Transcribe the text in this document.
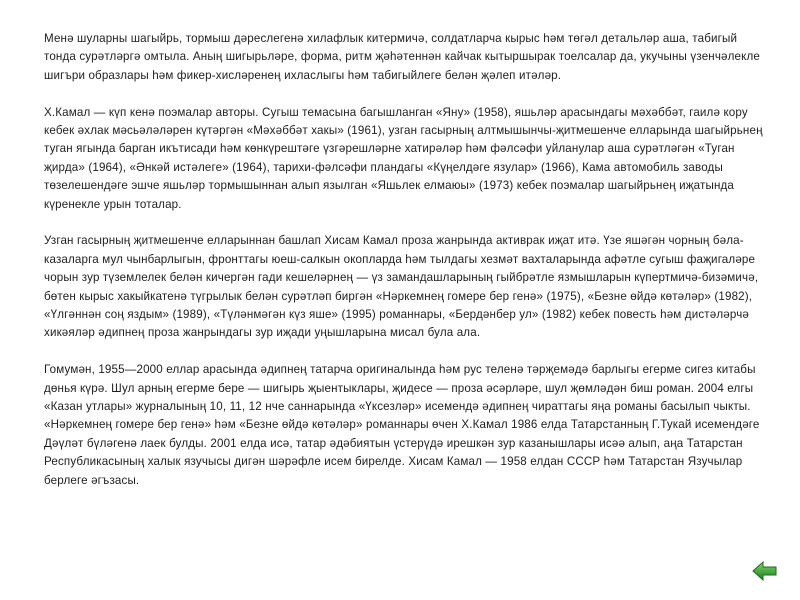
Менә шуларны шагыйрь, тормыш дәреслегенә хилафлык китермичә, солдатларча кырыс һәм төгәл детальләр аша, табигый тонда сурәтләргә омтыла. Аның шигырьләре, форма, ритм җәһәтеннән кайчак кытыршырак тоелсалар да, укучыны үзенчәлекле шигъри образлары һәм фикер-хисләренең ихласлыгы һәм табигыйлеге белән җәлеп итәләр.

Х.Камал — күп кенә поэмалар авторы. Сугыш темасына багышланган «Яну» (1958), яшьләр арасындагы мәхәббәт, гаилә кору кебек әхлак мәсьәләләрен күтәргән «Мәхәббәт хакы» (1961), узган гасырның алтмышынчы-җитмешенче елларында шагыйрьнең туган ягында барган икътисади һәм көнкүрештәге үзгәрешләрне хатирәләр һәм фәлсәфи уйланулар аша сурәтләгән «Туган җирда» (1964), «Әнкәй истәлеге» (1964), тарихи-фәлсәфи пландагы «Күңелдәге язулар» (1966), Кама автомобиль заводы төзелешендәге эшче яшьләр тормышыннан алып язылган «Яшьлек елмаюы» (1973) кебек поэмалар шагыйрьнең иҗатында күренекле урын тоталар.

Узган гасырның җитмешенче елларыннан башлап Хисам Камал проза жанрында активрак иҗат итә. Үзе яшәгән чорның бәла-казаларга мул чынбарлыгын, фронттагы юеш-салкын окопларда һәм тылдагы хезмәт вахталарында афәтле сугыш фаҗигаләре чорын зур түземлелек белән кичергән гади кешеләрнең — үз замандашларының гыйбрәтле язмышларын күпертмичә-бизәмичә, бөтен кырыс хакыйкатенә түгрылык белән сурәтләп биргән «Нәркемнең гомере бер генә» (1975), «Безне өйдә көтәләр» (1982), «Үлгәннән соң яздым» (1989), «Түләнмәгән күз яше» (1995) романнары, «Бердәнбер ул» (1982) кебек повесть һәм дистәләрчә хикәяләр әдипнең проза жанрындагы зур иҗади уңышларына мисал була ала.

Гомумән, 1955—2000 еллар арасында әдипнең татарча оригиналында һәм рус теленә тәрҗемәдә барлыгы егерме сигез китабы дөнья күрә. Шул арның егерме бере — шигырь җыентыклары, җидесе — проза әсәрләре, шул җөмләдән биш роман. 2004 елгы «Казан утлары» журналының 10, 11, 12 нче саннарында «Үксезләр» исемендә әдипнең чираттагы яңа романы басылып чыкты. «Нәркемнең гомере бер генә» һәм «Безне өйдә көтәләр» романнары өчен Х.Камал 1986 елда Татарстанның Г.Тукай исемендәге Дәүләт бүләгенә лаек булды. 2001 елда исә, татар әдәбиятын үстерүдә ирешкән зур казанышлары исәә алып, аңа Татарстан Республикасының халык язучысы дигән шәрәфле исем бирелде. Хисам Камал — 1958 елдан СССР һәм Татарстан Язучылар берлеге әгъзасы.
